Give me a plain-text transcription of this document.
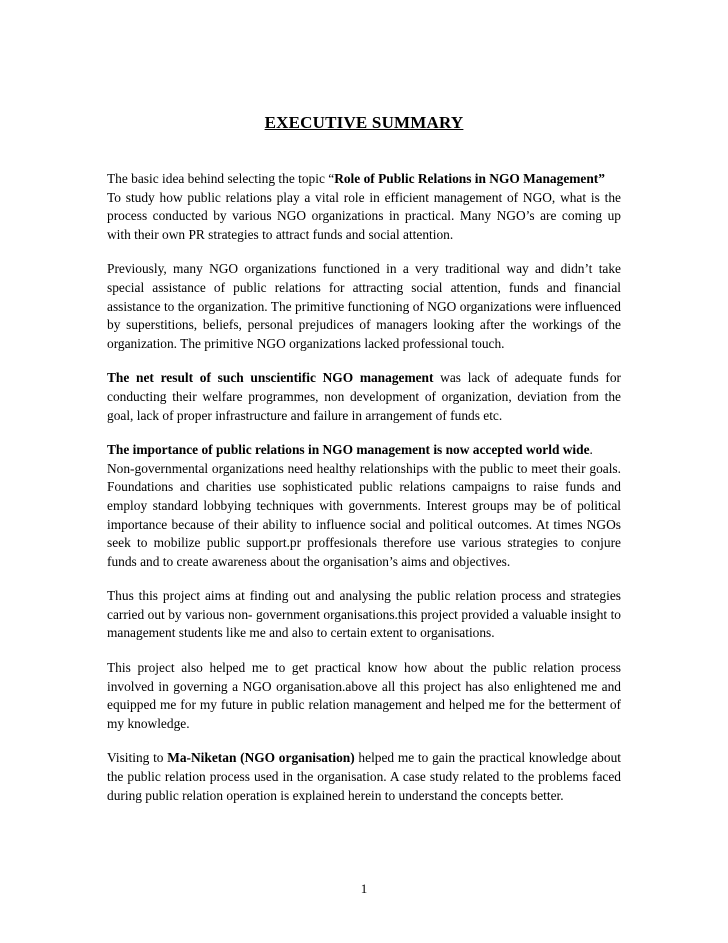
EXECUTIVE SUMMARY

The basic idea behind selecting the topic “Role of Public Relations in NGO Management”

To study how public relations play a vital role in efficient management of NGO, what is the process conducted by various NGO organizations in practical. Many NGO’s are coming up with their own PR strategies to attract funds and social attention.

Previously, many NGO organizations functioned in a very traditional way and didn’t take special assistance of public relations for attracting social attention, funds and financial assistance to the organization. The primitive functioning of NGO organizations were influenced by superstitions, beliefs, personal prejudices of managers looking after the workings of the organization. The primitive NGO organizations lacked professional touch.

The net result of such unscientific NGO management was lack of adequate funds for conducting their welfare programmes, non development of organization, deviation from the goal, lack of proper infrastructure and failure in arrangement of funds etc.

The importance of public relations in NGO management is now accepted world wide.

Non-governmental organizations need healthy relationships with the public to meet their goals. Foundations and charities use sophisticated public relations campaigns to raise funds and employ standard lobbying techniques with governments. Interest groups may be of political importance because of their ability to influence social and political outcomes. At times NGOs seek to mobilize public support.pr proffesionals therefore use various strategies to conjure funds and to create awareness about the organisation’s aims and objectives.

Thus this project aims at finding out and analysing the public relation process and strategies carried out by various non- government organisations.this project provided a valuable insight to management students like me and also to certain extent to organisations.

This project also helped me to get practical know how about the public relation process involved in governing a NGO organisation.above all this project has also enlightened me and equipped me for my future in public relation management and helped me for the betterment of my knowledge.

Visiting to Ma-Niketan (NGO organisation) helped me to gain the practical knowledge about the public relation process used in the organisation. A case study related to the problems faced during public relation operation is explained herein to understand the concepts better.

1
